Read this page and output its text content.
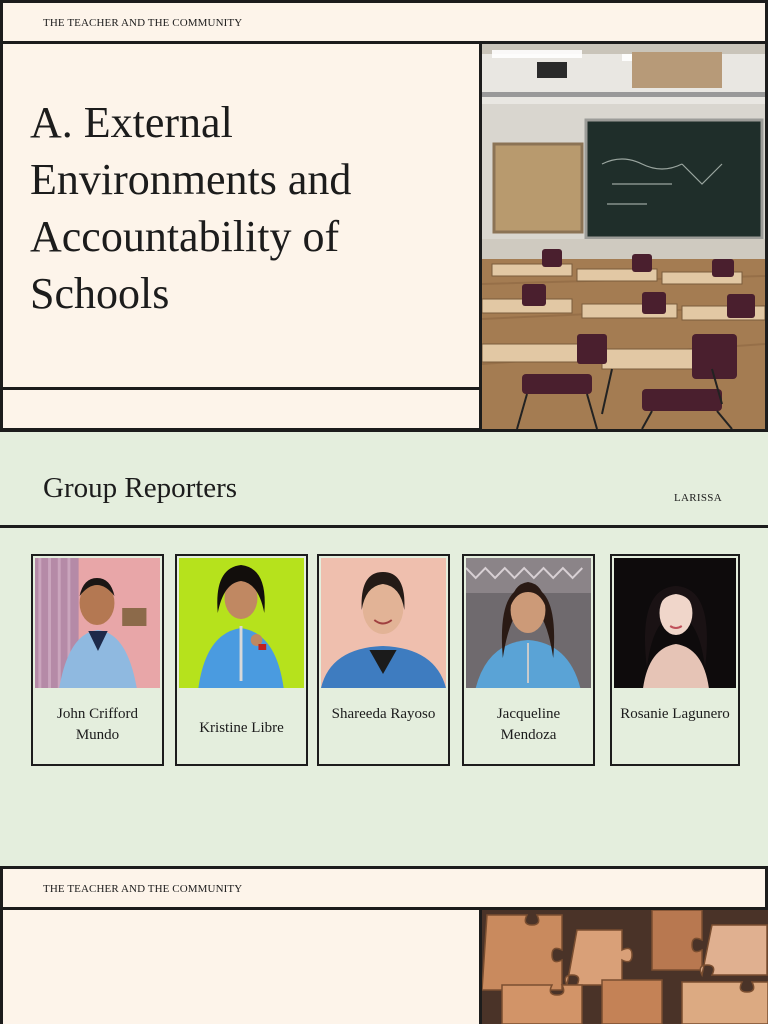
THE TEACHER AND THE COMMUNITY
A. External Environments and Accountability of Schools
Group Reporters	LARISSA
John Crifford Mundo	Kristine Libre
Shareeda Rayoso	Jacqueline Mendoza
Rosanie Lagunero
THE TEACHER AND THE COMMUNITY
